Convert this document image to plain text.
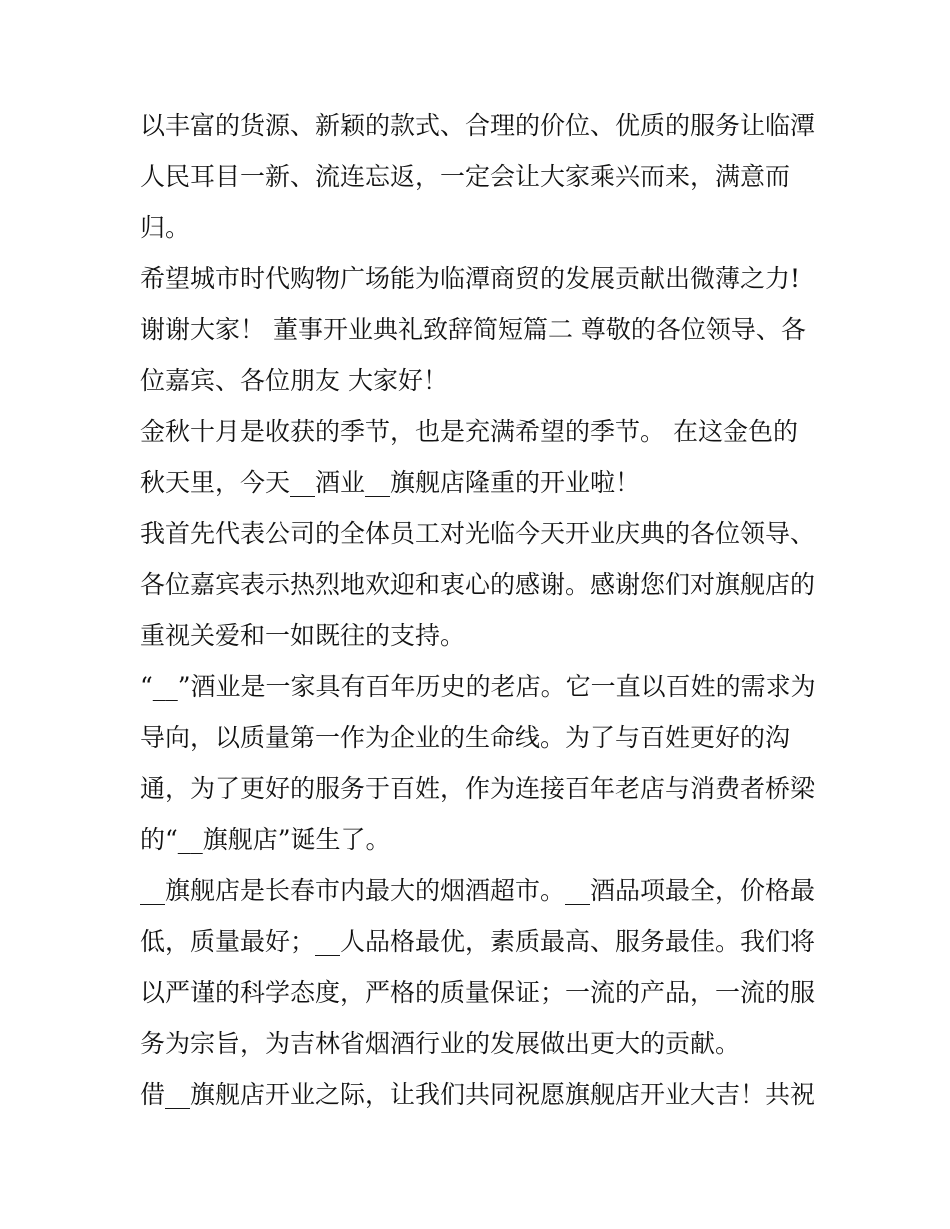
以丰富的货源、新颖的款式、合理的价位、优质的服务让临潭
人民耳目一新、流连忘返，一定会让大家乘兴而来，满意而
归。
希望城市时代购物广场能为临潭商贸的发展贡献出微薄之力!
谢谢大家！ 董事开业典礼致辞简短篇二 尊敬的各位领导、各
位嘉宾、各位朋友 大家好！
金秋十月是收获的季节，也是充满希望的季节。 在这金色的
秋天里，今天__酒业__旗舰店隆重的开业啦！
我首先代表公司的全体员工对光临今天开业庆典的各位领导、
各位嘉宾表示热烈地欢迎和衷心的感谢。感谢您们对旗舰店的
重视关爱和一如既往的支持。
“__”酒业是一家具有百年历史的老店。它一直以百姓的需求为
导向，以质量第一作为企业的生命线。为了与百姓更好的沟
通，为了更好的服务于百姓，作为连接百年老店与消费者桥梁
的“__旗舰店”诞生了。
__旗舰店是长春市内最大的烟酒超市。__酒品项最全，价格最
低，质量最好；__人品格最优，素质最高、服务最佳。我们将
以严谨的科学态度，严格的质量保证；一流的产品，一流的服
务为宗旨，为吉林省烟酒行业的发展做出更大的贡献。
借__旗舰店开业之际，让我们共同祝愿旗舰店开业大吉！共祝
